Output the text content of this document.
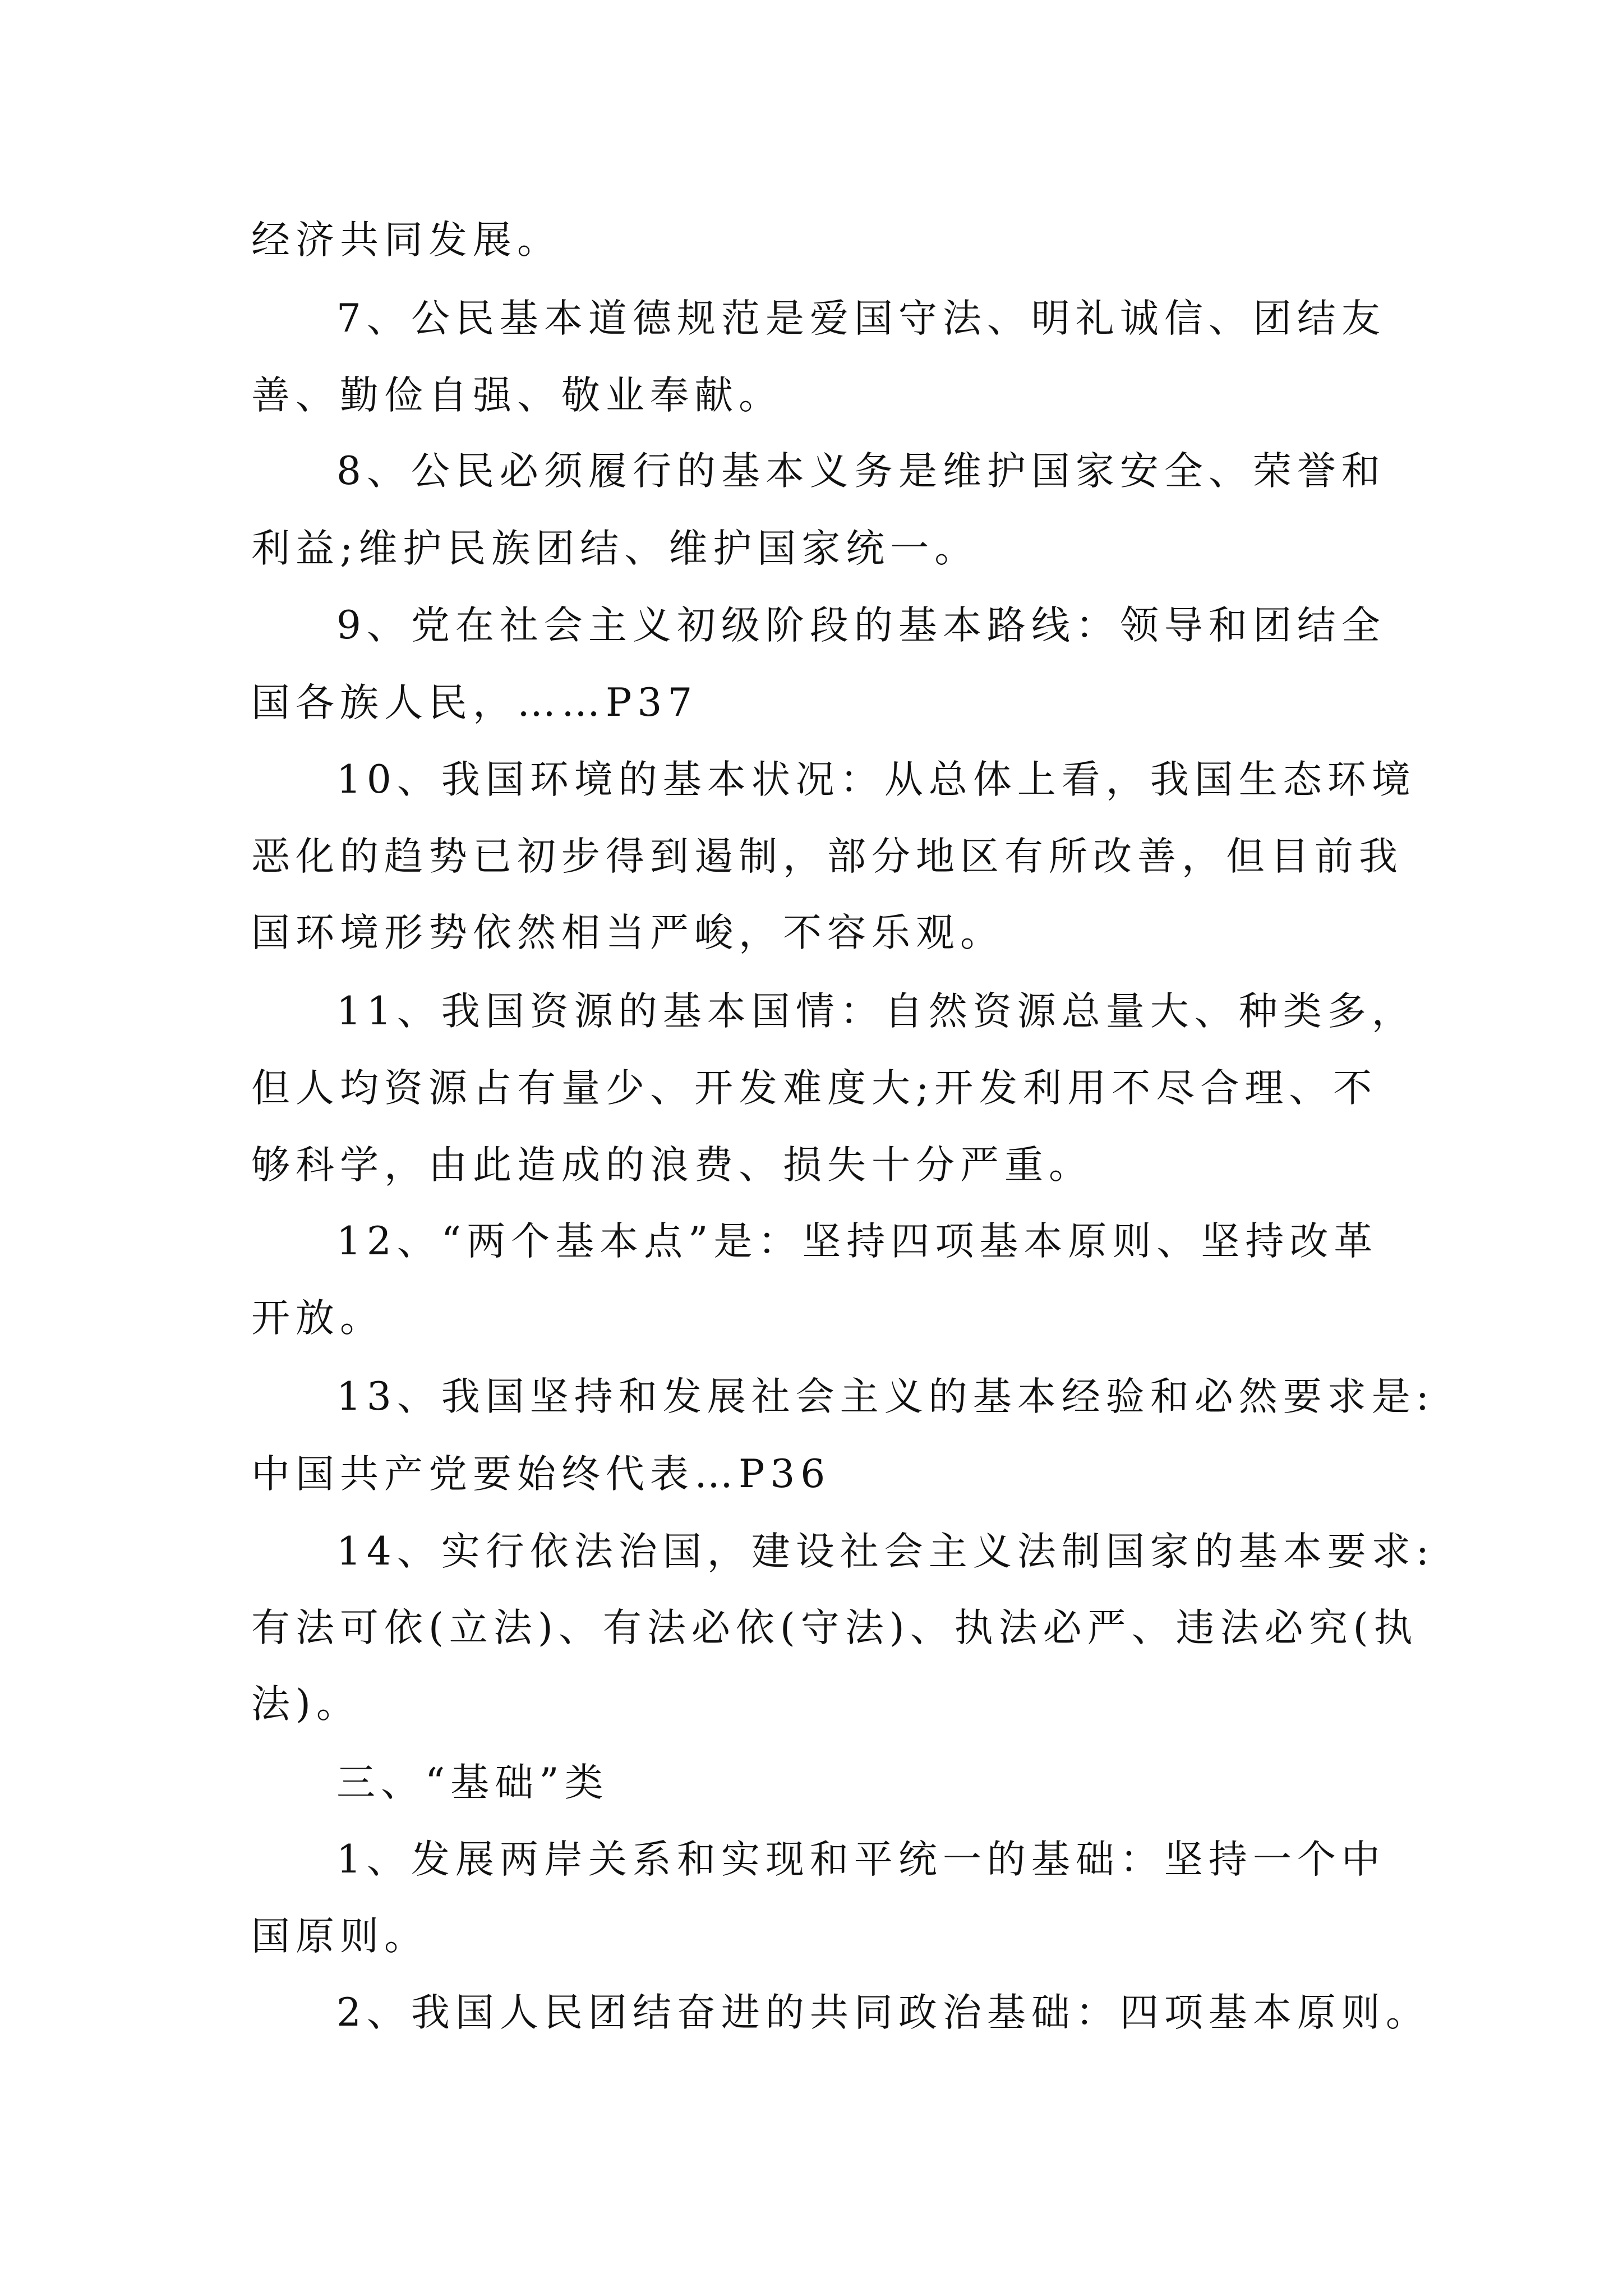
经济共同发展。

7、公民基本道德规范是爱国守法、明礼诚信、团结友

善、勤俭自强、敬业奉献。

8、公民必须履行的基本义务是维护国家安全、荣誉和

利益;维护民族团结、维护国家统一。

9、党在社会主义初级阶段的基本路线：领导和团结全

国各族人民，……P37

10、我国环境的基本状况：从总体上看，我国生态环境

恶化的趋势已初步得到遏制，部分地区有所改善，但目前我

国环境形势依然相当严峻，不容乐观。

11、我国资源的基本国情：自然资源总量大、种类多，

但人均资源占有量少、开发难度大;开发利用不尽合理、不

够科学，由此造成的浪费、损失十分严重。

12、“两个基本点”是：坚持四项基本原则、坚持改革

开放。

13、我国坚持和发展社会主义的基本经验和必然要求是:

中国共产党要始终代表…P36

14、实行依法治国，建设社会主义法制国家的基本要求:

有法可依(立法)、有法必依(守法)、执法必严、违法必究(执

法)。

三、“基础”类

1、发展两岸关系和实现和平统一的基础：坚持一个中

国原则。

2、我国人民团结奋进的共同政治基础：四项基本原则。
